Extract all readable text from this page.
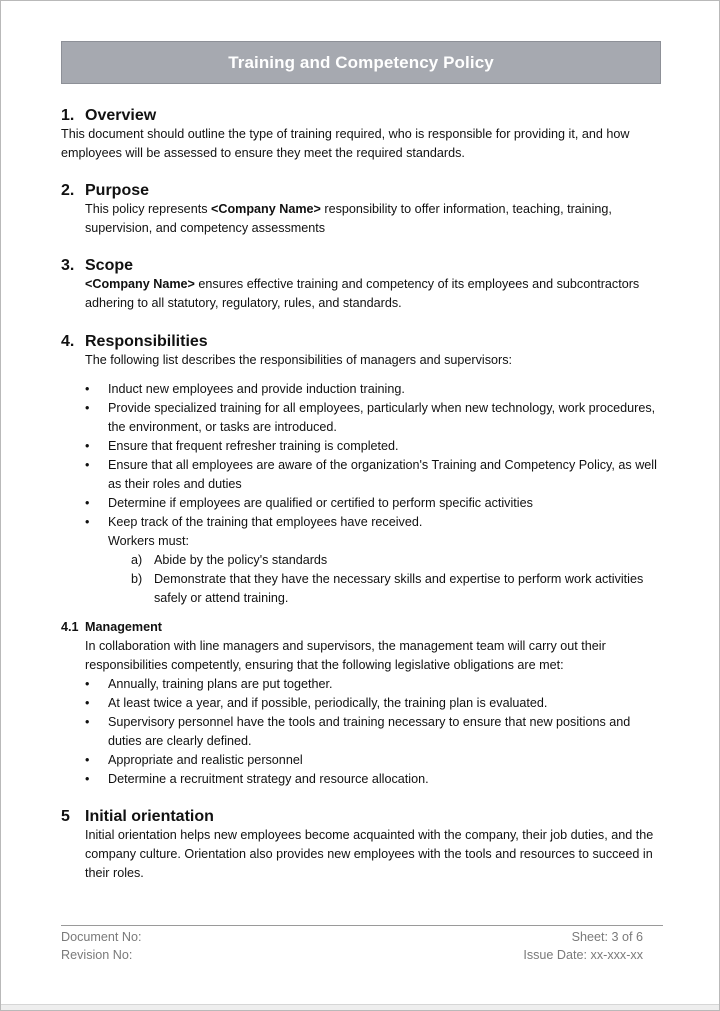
Training and Competency Policy
1. Overview

This document should outline the type of training required, who is responsible for providing it, and how employees will be assessed to ensure they meet the required standards.

2. Purpose

This policy represents <Company Name> responsibility to offer information, teaching, training, supervision, and competency assessments

3. Scope

<Company Name> ensures effective training and competency of its employees and subcontractors adhering to all statutory, regulatory, rules, and standards.

4. Responsibilities

The following list describes the responsibilities of managers and supervisors:

• Induct new employees and provide induction training.
• Provide specialized training for all employees, particularly when new technology, work procedures, the environment, or tasks are introduced.
• Ensure that frequent refresher training is completed.
• Ensure that all employees are aware of the organization's Training and Competency Policy, as well as their roles and duties
• Determine if employees are qualified or certified to perform specific activities
• Keep track of the training that employees have received.
Workers must:
a) Abide by the policy's standards
b) Demonstrate that they have the necessary skills and expertise to perform work activities safely or attend training.
4.1 Management

In collaboration with line managers and supervisors, the management team will carry out their responsibilities competently, ensuring that the following legislative obligations are met:

• Annually, training plans are put together.
• At least twice a year, and if possible, periodically, the training plan is evaluated.
• Supervisory personnel have the tools and training necessary to ensure that new positions and duties are clearly defined.
• Appropriate and realistic personnel
• Determine a recruitment strategy and resource allocation.
5 Initial orientation

Initial orientation helps new employees become acquainted with the company, their job duties, and the company culture. Orientation also provides new employees with the tools and resources to succeed in their roles.

Document No:	Sheet: 3 of 6
Revision No:	Issue Date: xx-xxx-xx
